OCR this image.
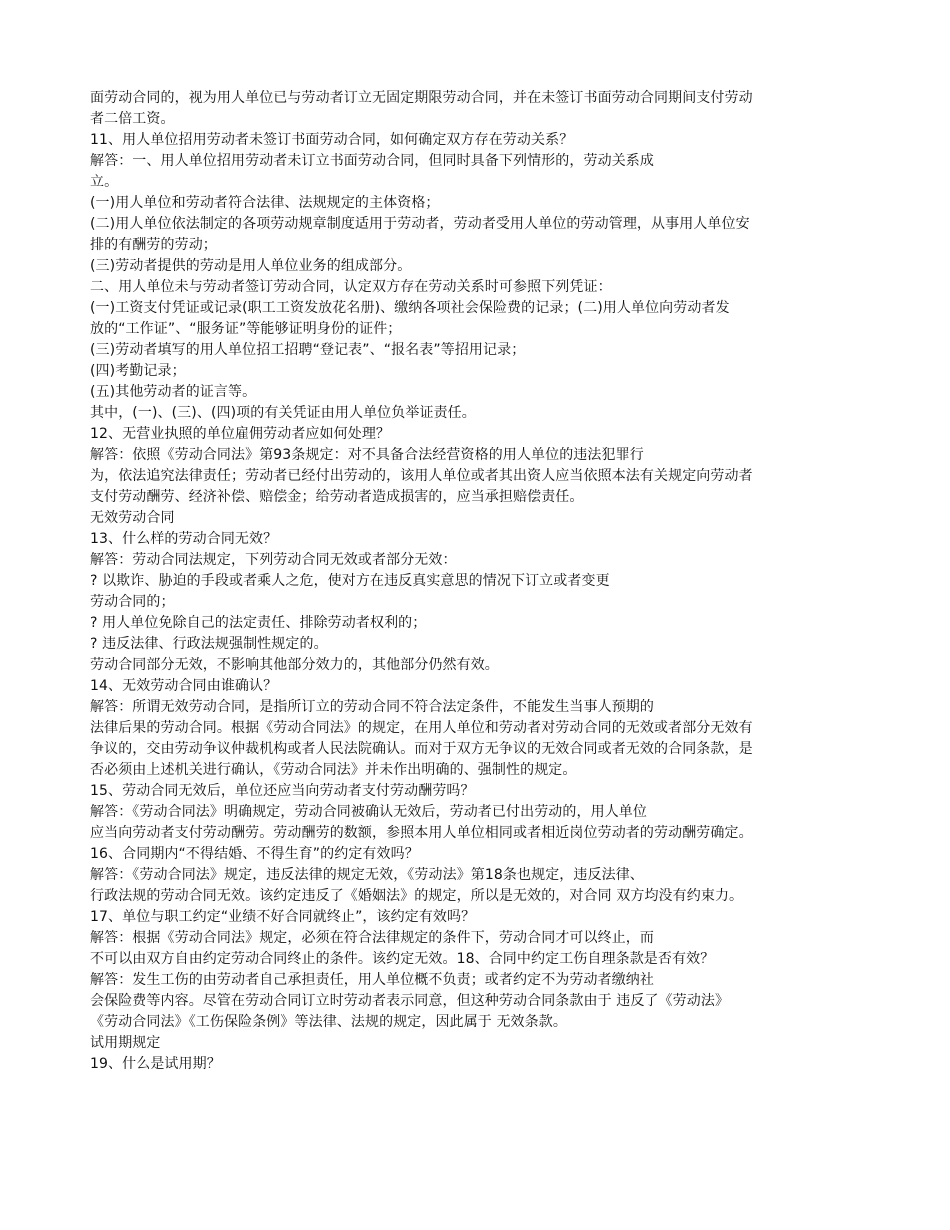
面劳动合同的，视为用人单位已与劳动者订立无固定期限劳动合同，并在未签订书面劳动合同期间支付劳动
者二倍工资。
11、用人单位招用劳动者未签订书面劳动合同，如何确定双方存在劳动关系？
解答：一、用人单位招用劳动者未订立书面劳动合同，但同时具备下列情形的，劳动关系成
立。
(一)用人单位和劳动者符合法律、法规规定的主体资格；
(二)用人单位依法制定的各项劳动规章制度适用于劳动者，劳动者受用人单位的劳动管理，从事用人单位安
排的有酬劳的劳动；
(三)劳动者提供的劳动是用人单位业务的组成部分。
二、用人单位未与劳动者签订劳动合同，认定双方存在劳动关系时可参照下列凭证：
(一)工资支付凭证或记录(职工工资发放花名册)、缴纳各项社会保险费的记录；(二)用人单位向劳动者发
放的“工作证”、“服务证”等能够证明身份的证件；
(三)劳动者填写的用人单位招工招聘“登记表”、“报名表”等招用记录；
(四)考勤记录；
(五)其他劳动者的证言等。
其中，(一)、(三)、(四)项的有关凭证由用人单位负举证责任。
12、无营业执照的单位雇佣劳动者应如何处理？
解答：依照《劳动合同法》第93条规定：对不具备合法经营资格的用人单位的违法犯罪行
为，依法追究法律责任；劳动者已经付出劳动的，该用人单位或者其出资人应当依照本法有关规定向劳动者
支付劳动酬劳、经济补偿、赔偿金；给劳动者造成损害的，应当承担赔偿责任。
无效劳动合同
13、什么样的劳动合同无效？
解答：劳动合同法规定，下列劳动合同无效或者部分无效：
? 以欺诈、胁迫的手段或者乘人之危，使对方在违反真实意思的情况下订立或者变更
劳动合同的；
? 用人单位免除自己的法定责任、排除劳动者权利的；
? 违反法律、行政法规强制性规定的。
劳动合同部分无效，不影响其他部分效力的，其他部分仍然有效。
14、无效劳动合同由谁确认？
解答：所谓无效劳动合同，是指所订立的劳动合同不符合法定条件，不能发生当事人预期的
法律后果的劳动合同。根据《劳动合同法》的规定，在用人单位和劳动者对劳动合同的无效或者部分无效有
争议的，交由劳动争议仲裁机构或者人民法院确认。而对于双方无争议的无效合同或者无效的合同条款，是
否必须由上述机关进行确认，《劳动合同法》并未作出明确的、强制性的规定。
15、劳动合同无效后，单位还应当向劳动者支付劳动酬劳吗？
解答：《劳动合同法》明确规定，劳动合同被确认无效后，劳动者已付出劳动的，用人单位
应当向劳动者支付劳动酬劳。劳动酬劳的数额，参照本用人单位相同或者相近岗位劳动者的劳动酬劳确定。
16、合同期内“不得结婚、不得生育”的约定有效吗？
解答：《劳动合同法》规定，违反法律的规定无效，《劳动法》第18条也规定，违反法律、
行政法规的劳动合同无效。该约定违反了《婚姻法》的规定，所以是无效的，对合同 双方均没有约束力。
17、单位与职工约定“业绩不好合同就终止”，该约定有效吗？
解答：根据《劳动合同法》规定，必须在符合法律规定的条件下，劳动合同才可以终止，而
不可以由双方自由约定劳动合同终止的条件。该约定无效。18、合同中约定工伤自理条款是否有效？
解答：发生工伤的由劳动者自己承担责任，用人单位概不负责；或者约定不为劳动者缴纳社
会保险费等内容。尽管在劳动合同订立时劳动者表示同意，但这种劳动合同条款由于 违反了《劳动法》
《劳动合同法》《工伤保险条例》等法律、法规的规定，因此属于 无效条款。
试用期规定
19、什么是试用期？
